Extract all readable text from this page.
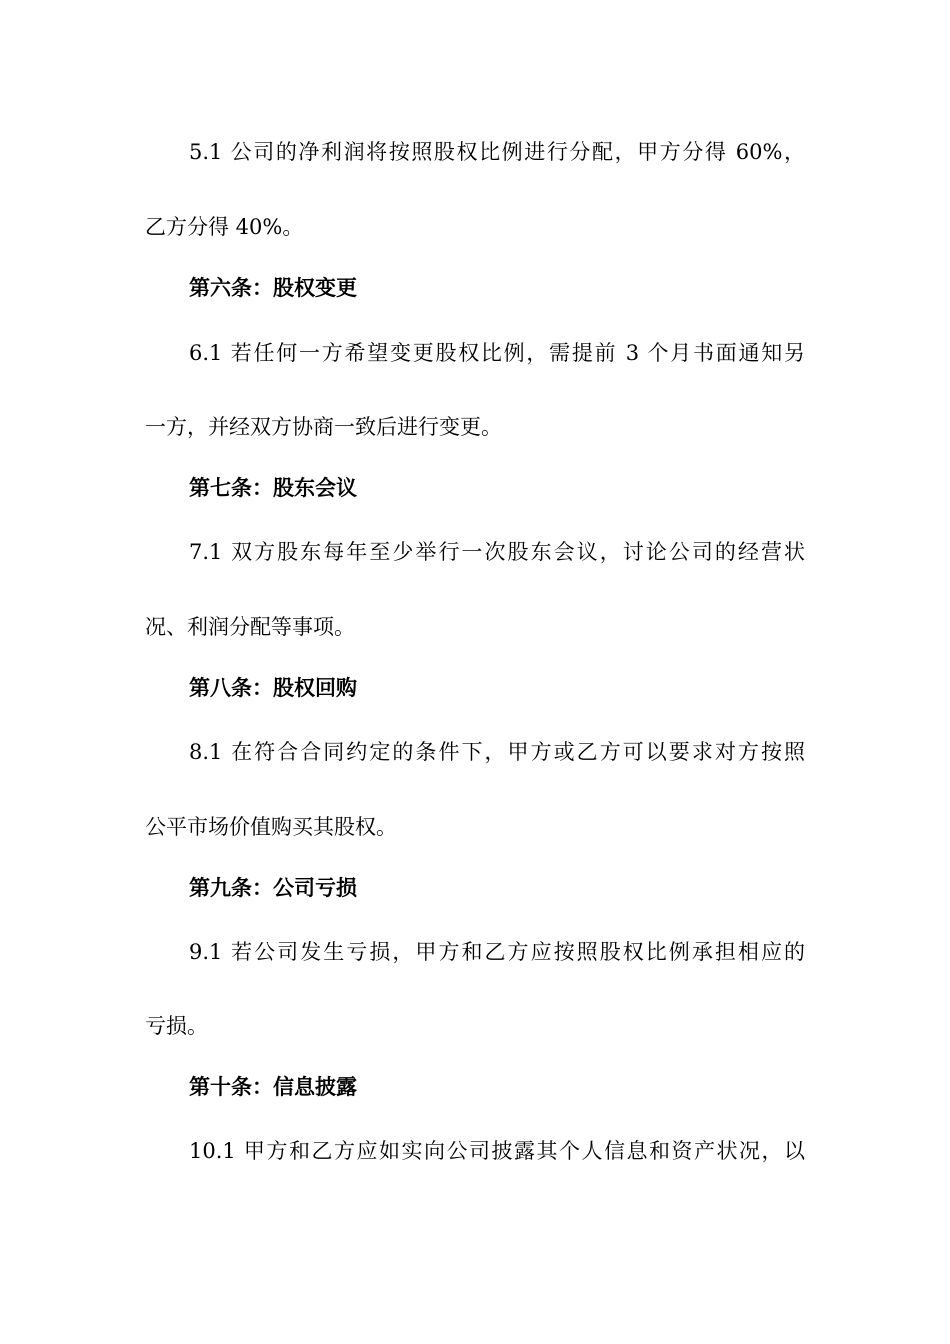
5.1 公司的净利润将按照股权比例进行分配，甲方分得 60%，
乙方分得 40%。
第六条：股权变更
6.1 若任何一方希望变更股权比例，需提前 3 个月书面通知另
一方，并经双方协商一致后进行变更。
第七条：股东会议
7.1 双方股东每年至少举行一次股东会议，讨论公司的经营状
况、利润分配等事项。
第八条：股权回购
8.1 在符合合同约定的条件下，甲方或乙方可以要求对方按照
公平市场价值购买其股权。
第九条：公司亏损
9.1 若公司发生亏损，甲方和乙方应按照股权比例承担相应的
亏损。
第十条：信息披露
10.1 甲方和乙方应如实向公司披露其个人信息和资产状况，以
